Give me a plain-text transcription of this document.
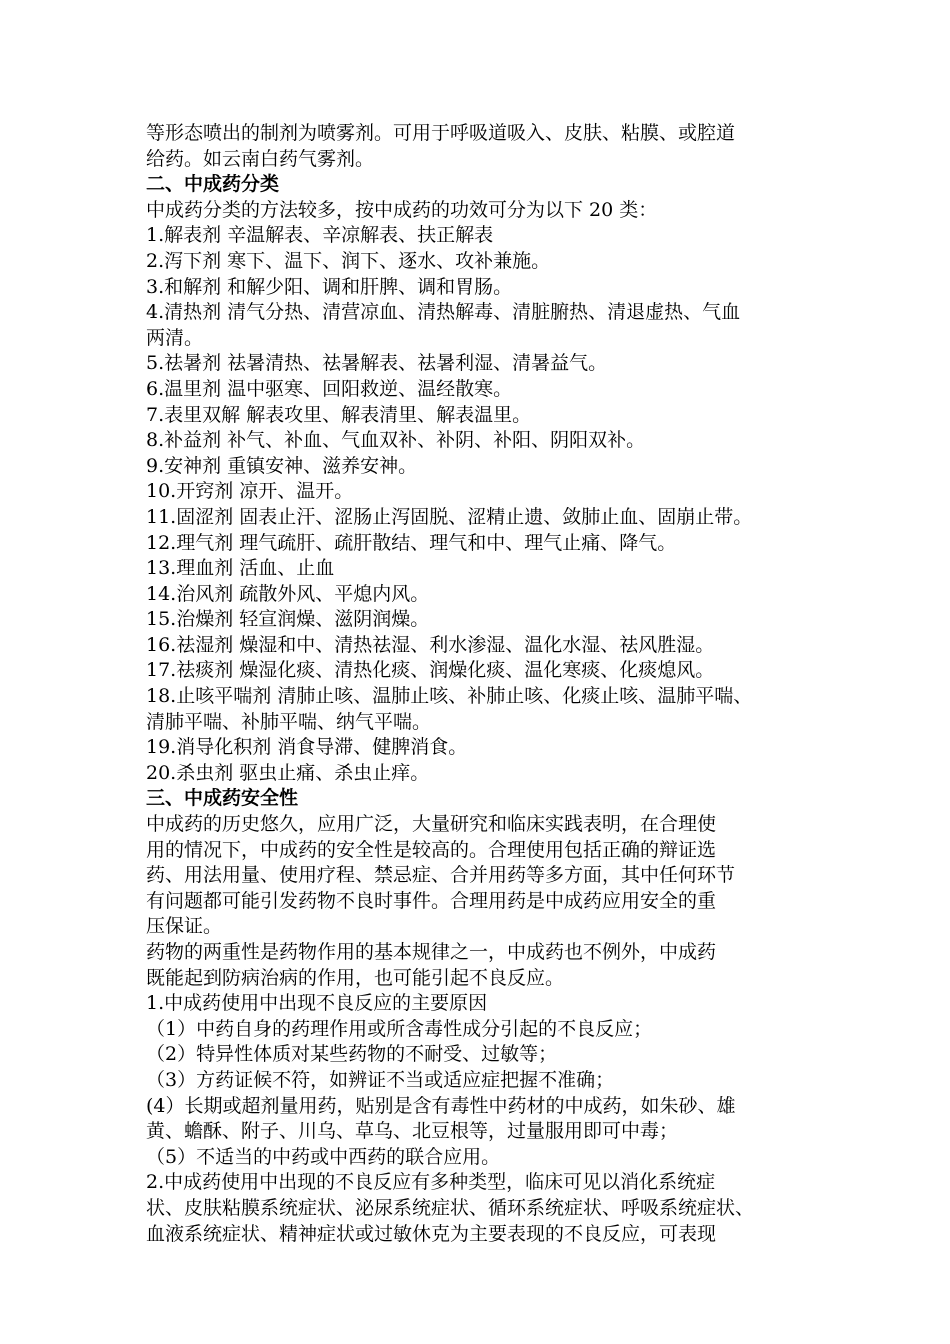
等形态喷出的制剂为喷雾剂。可用于呼吸道吸入、皮肤、粘膜、或腔道
给药。如云南白药气雾剂。
二、中成药分类
中成药分类的方法较多，按中成药的功效可分为以下 20 类：
1.解表剂 辛温解表、辛凉解表、扶正解表
2.泻下剂 寒下、温下、润下、逐水、攻补兼施。
3.和解剂 和解少阳、调和肝脾、调和胃肠。
4.清热剂 清气分热、清营凉血、清热解毒、清脏腑热、清退虚热、气血
两清。
5.祛暑剂 祛暑清热、祛暑解表、祛暑利湿、清暑益气。
6.温里剂 温中驱寒、回阳救逆、温经散寒。
7.表里双解 解表攻里、解表清里、解表温里。
8.补益剂 补气、补血、气血双补、补阴、补阳、阴阳双补。
9.安神剂 重镇安神、滋养安神。
10.开窍剂 凉开、温开。
11.固涩剂 固表止汗、涩肠止泻固脱、涩精止遗、敛肺止血、固崩止带。
12.理气剂 理气疏肝、疏肝散结、理气和中、理气止痛、降气。
13.理血剂 活血、止血
14.治风剂 疏散外风、平熄内风。
15.治燥剂 轻宣润燥、滋阴润燥。
16.祛湿剂 燥湿和中、清热祛湿、利水渗湿、温化水湿、祛风胜湿。
17.祛痰剂 燥湿化痰、清热化痰、润燥化痰、温化寒痰、化痰熄风。
18.止咳平喘剂 清肺止咳、温肺止咳、补肺止咳、化痰止咳、温肺平喘、
清肺平喘、补肺平喘、纳气平喘。
19.消导化积剂 消食导滞、健脾消食。
20.杀虫剂 驱虫止痛、杀虫止痒。
三、中成药安全性
中成药的历史悠久，应用广泛，大量研究和临床实践表明，在合理使
用的情况下，中成药的安全性是较高的。合理使用包括正确的辩证选
药、用法用量、使用疗程、禁忌症、合并用药等多方面，其中任何环节
有问题都可能引发药物不良时事件。合理用药是中成药应用安全的重
压保证。
药物的两重性是药物作用的基本规律之一，中成药也不例外，中成药
既能起到防病治病的作用，也可能引起不良反应。
1.中成药使用中出现不良反应的主要原因
（1）中药自身的药理作用或所含毒性成分引起的不良反应；
（2）特异性体质对某些药物的不耐受、过敏等；
（3）方药证候不符，如辨证不当或适应症把握不准确；
(4）长期或超剂量用药，贴别是含有毒性中药材的中成药，如朱砂、雄
黄、蟾酥、附子、川乌、草乌、北豆根等，过量服用即可中毒；
（5）不适当的中药或中西药的联合应用。
2.中成药使用中出现的不良反应有多种类型，临床可见以消化系统症
状、皮肤粘膜系统症状、泌尿系统症状、循环系统症状、呼吸系统症状、
血液系统症状、精神症状或过敏休克为主要表现的不良反应，可表现
